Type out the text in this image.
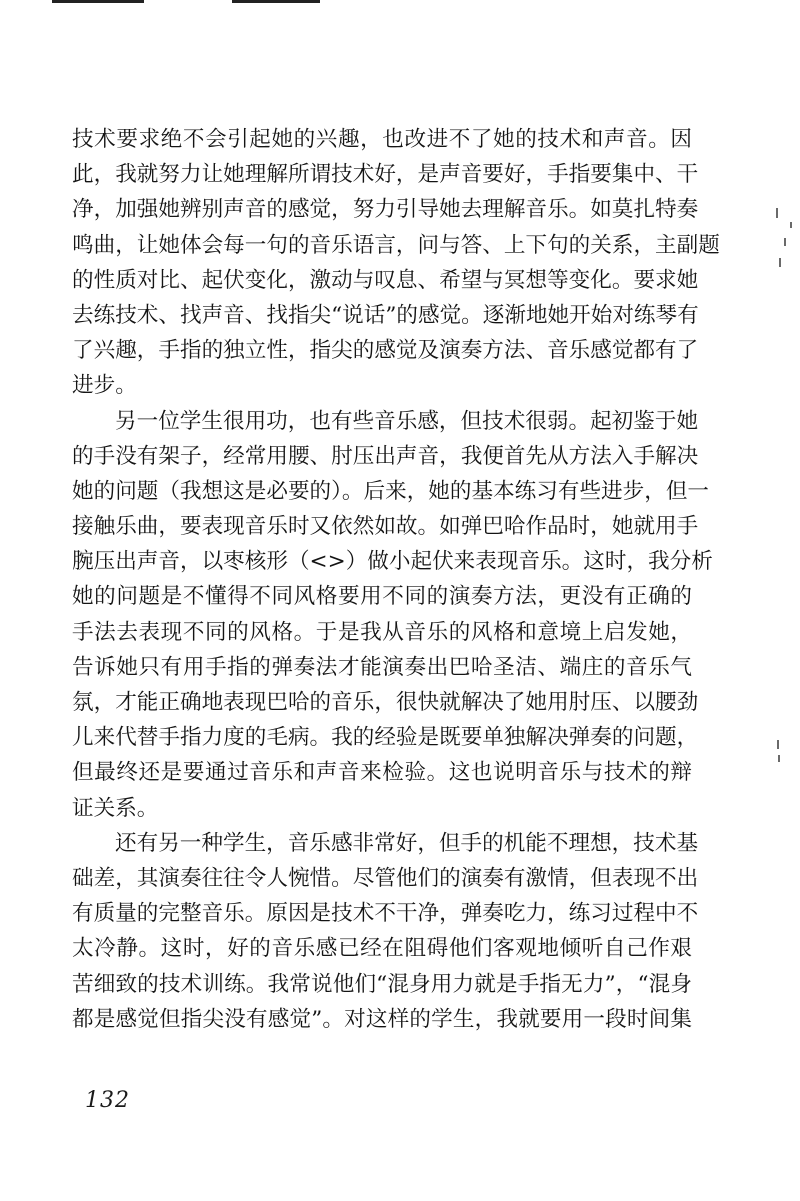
技术要求绝不会引起她的兴趣，也改进不了她的技术和声音。因
此，我就努力让她理解所谓技术好，是声音要好，手指要集中、干
净，加强她辨别声音的感觉，努力引导她去理解音乐。如莫扎特奏
鸣曲，让她体会每一句的音乐语言，问与答、上下句的关系，主副题
的性质对比、起伏变化，激动与叹息、希望与冥想等变化。要求她
去练技术、找声音、找指尖“说话”的感觉。逐渐地她开始对练琴有
了兴趣，手指的独立性，指尖的感觉及演奏方法、音乐感觉都有了
进步。
另一位学生很用功，也有些音乐感，但技术很弱。起初鉴于她
的手没有架子，经常用腰、肘压出声音，我便首先从方法入手解决
她的问题（我想这是必要的）。后来，她的基本练习有些进步，但一
接触乐曲，要表现音乐时又依然如故。如弹巴哈作品时，她就用手
腕压出声音，以枣核形（<>）做小起伏来表现音乐。这时，我分析
她的问题是不懂得不同风格要用不同的演奏方法，更没有正确的
手法去表现不同的风格。于是我从音乐的风格和意境上启发她，
告诉她只有用手指的弹奏法才能演奏出巴哈圣洁、端庄的音乐气
氛，才能正确地表现巴哈的音乐，很快就解决了她用肘压、以腰劲
儿来代替手指力度的毛病。我的经验是既要单独解决弹奏的问题，
但最终还是要通过音乐和声音来检验。这也说明音乐与技术的辩
证关系。
还有另一种学生，音乐感非常好，但手的机能不理想，技术基
础差，其演奏往往令人惋惜。尽管他们的演奏有激情，但表现不出
有质量的完整音乐。原因是技术不干净，弹奏吃力，练习过程中不
太冷静。这时，好的音乐感已经在阻碍他们客观地倾听自己作艰
苦细致的技术训练。我常说他们“混身用力就是手指无力”，“混身
都是感觉但指尖没有感觉”。对这样的学生，我就要用一段时间集
132
